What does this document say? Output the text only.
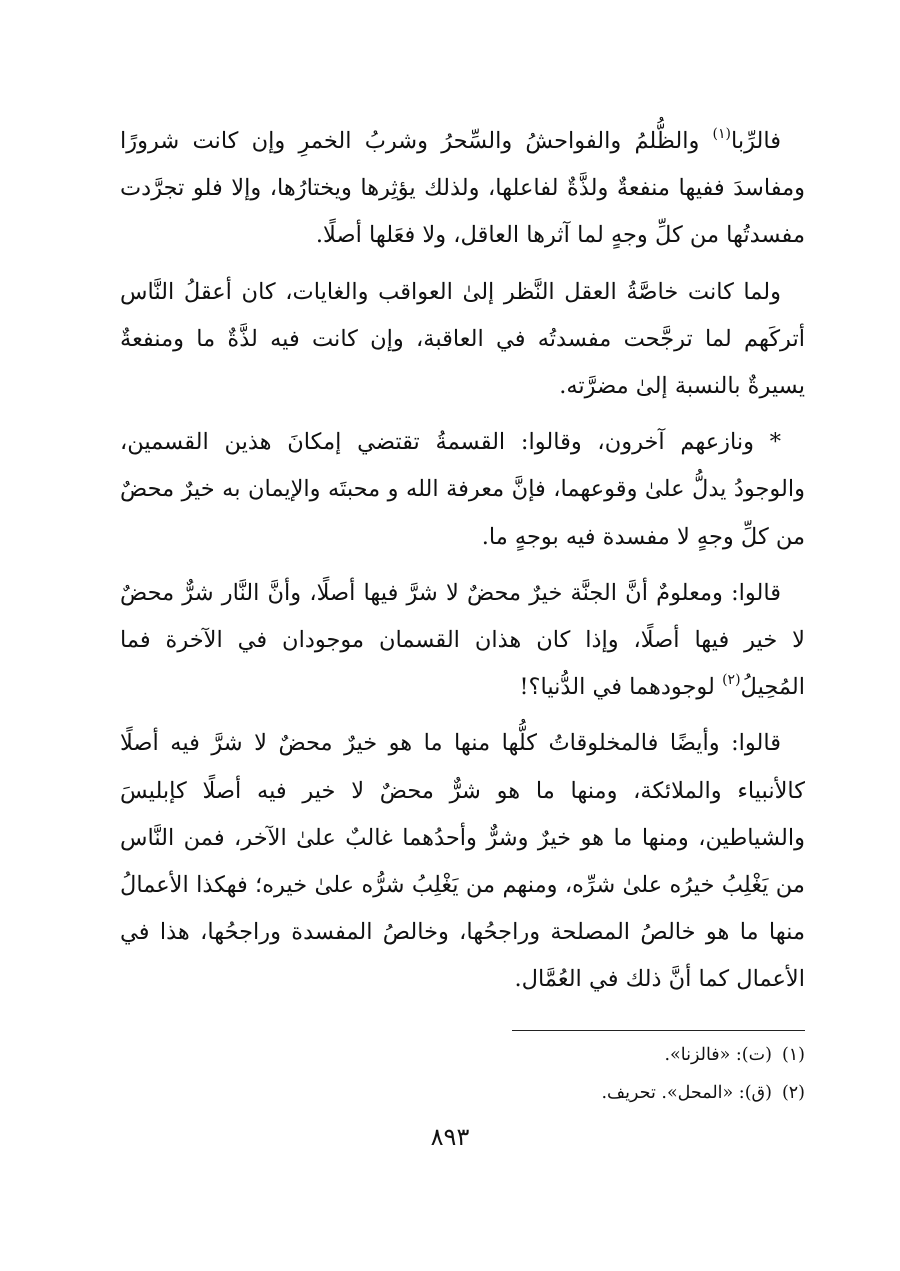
فالرِّبا$^{(١)}$ والظُّلمُ والفواحشُ والسِّحرُ وشربُ الخمرِ وإن كانت شرورًا ومفاسدَ ففيها منفعةٌ ولذَّةٌ لفاعلها، ولذلك يؤثِرها ويختارُها، وإلا فلو تجرَّدت مفسدتُها من كلِّ وجهٍ لما آثرها العاقل، ولا فعَلها أصلًا.

ولما كانت خاصَّةُ العقل النَّظر إلىٰ العواقب والغايات، كان أعقلُ النَّاس أتركَهم لما ترجَّحت مفسدتُه في العاقبة، وإن كانت فيه لذَّةٌ ما ومنفعةٌ يسيرةٌ بالنسبة إلىٰ مضرَّته.

* ونازعهم آخرون، وقالوا: القسمةُ تقتضي إمكانَ هذين القسمين، والوجودُ يدلُّ علىٰ وقوعهما، فإنَّ معرفة الله و محبتَه والإيمان به خيرٌ محضٌ من كلِّ وجهٍ لا مفسدة فيه بوجهٍ ما.

قالوا: ومعلومٌ أنَّ الجنَّة خيرٌ محضٌ لا شرَّ فيها أصلًا، وأنَّ النَّار شرٌّ محضٌ لا خير فيها أصلًا، وإذا كان هذان القسمان موجودان في الآخرة فما المُحِيلُ$^{(٢)}$ لوجودهما في الدُّنيا؟!

قالوا: وأيضًا فالمخلوقاتُ كلُّها منها ما هو خيرٌ محضٌ لا شرَّ فيه أصلًا كالأنبياء والملائكة، ومنها ما هو شرٌّ محضٌ لا خير فيه أصلًا كإبليسَ والشياطين، ومنها ما هو خيرٌ وشرٌّ وأحدُهما غالبٌ علىٰ الآخر، فمن النَّاس من يَغْلِبُ خيرُه علىٰ شرِّه، ومنهم من يَغْلِبُ شرُّه علىٰ خيره؛ فهكذا الأعمالُ منها ما هو خالصُ المصلحة وراجحُها، وخالصُ المفسدة وراجحُها، هذا في الأعمال كما أنَّ ذلك في العُمَّال.

(١)(ت): «فالزنا».

(٢)(ق): «المحل». تحريف.

٨٩٣
